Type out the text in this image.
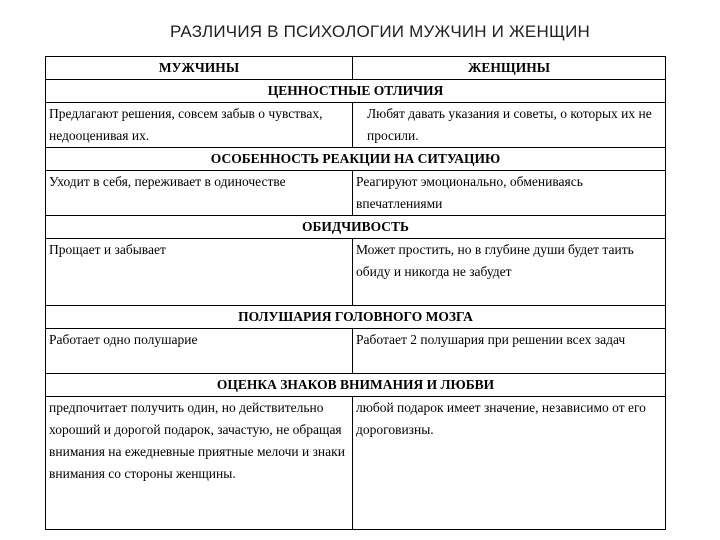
РАЗЛИЧИЯ В ПСИХОЛОГИИ МУЖЧИН И ЖЕНЩИН
МУЖЧИНЫ	ЖЕНЩИНЫ
ЦЕННОСТНЫЕ ОТЛИЧИЯ	
Предлагают решения, совсем забыв о чувствах, недооценивая их.	Любят давать указания и советы, о которых их не просили.
ОСОБЕННОСТЬ РЕАКЦИИ НА СИТУАЦИЮ	
Уходит в себя, переживает в одиночестве	Реагируют эмоционально, обмениваясь впечатлениями
ОБИДЧИВОСТЬ	
Прощает и забывает	Может простить, но в глубине души будет таить обиду и никогда не забудет
ПОЛУШАРИЯ ГОЛОВНОГО МОЗГА	
Работает одно полушарие	Работает 2 полушария при решении всех задач
ОЦЕНКА ЗНАКОВ ВНИМАНИЯ И ЛЮБВИ	
предпочитает получить один, но действительно хороший и дорогой подарок, зачастую, не обращая внимания на ежедневные приятные мелочи и знаки внимания со стороны женщины.	любой подарок имеет значение, независимо от его дороговизны.
